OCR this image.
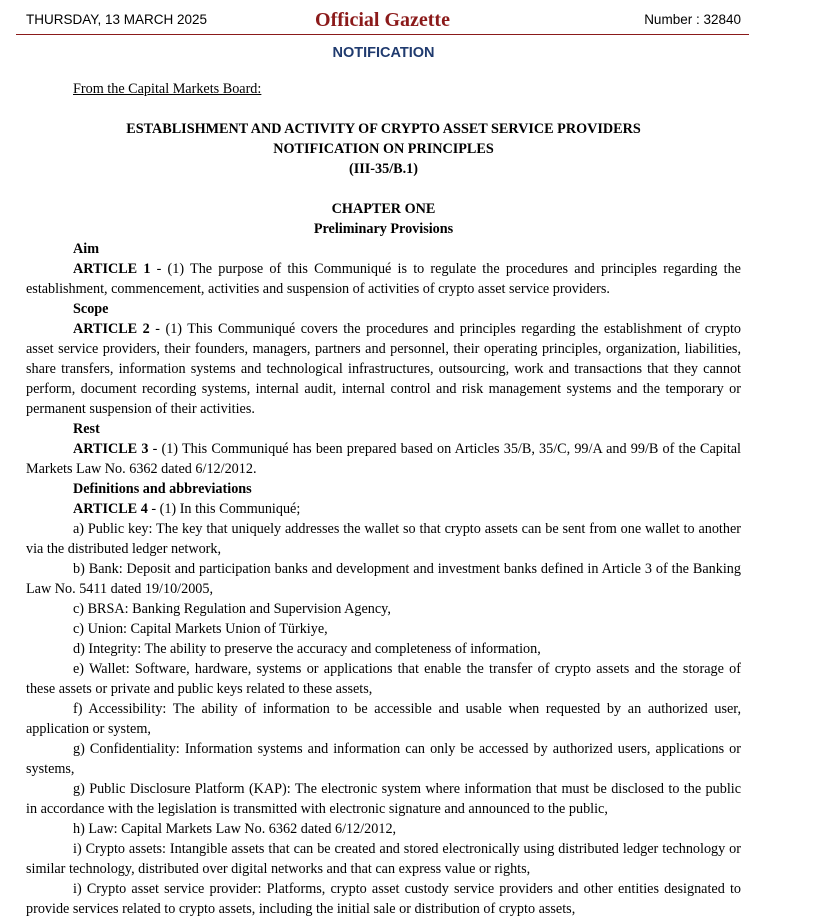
THURSDAY, 13 MARCH 2025	Official Gazette	Number : 32840
NOTIFICATION

From the Capital Markets Board:

ESTABLISHMENT AND ACTIVITY OF CRYPTO ASSET SERVICE PROVIDERS

NOTIFICATION ON PRINCIPLES

(III-35/B.1)

CHAPTER ONE

Preliminary Provisions

Aim

ARTICLE 1 - (1) The purpose of this Communiqué is to regulate the procedures and principles regarding the establishment, commencement, activities and suspension of activities of crypto asset service providers.

Scope

ARTICLE 2 - (1) This Communiqué covers the procedures and principles regarding the establishment of crypto asset service providers, their founders, managers, partners and personnel, their operating principles, organization, liabilities, share transfers, information systems and technological infrastructures, outsourcing, work and transactions that they cannot perform, document recording systems, internal audit, internal control and risk management systems and the temporary or permanent suspension of their activities.

Rest

ARTICLE 3 - (1) This Communiqué has been prepared based on Articles 35/B, 35/C, 99/A and 99/B of the Capital Markets Law No. 6362 dated 6/12/2012.

Definitions and abbreviations

ARTICLE 4 - (1) In this Communiqué;

a) Public key: The key that uniquely addresses the wallet so that crypto assets can be sent from one wallet to another via the distributed ledger network,

b) Bank: Deposit and participation banks and development and investment banks defined in Article 3 of the Banking Law No. 5411 dated 19/10/2005,

c) BRSA: Banking Regulation and Supervision Agency,

c) Union: Capital Markets Union of Türkiye,

d) Integrity: The ability to preserve the accuracy and completeness of information,

e) Wallet: Software, hardware, systems or applications that enable the transfer of crypto assets and the storage of these assets or private and public keys related to these assets,

f) Accessibility: The ability of information to be accessible and usable when requested by an authorized user, application or system,

g) Confidentiality: Information systems and information can only be accessed by authorized users, applications or systems,

g) Public Disclosure Platform (KAP): The electronic system where information that must be disclosed to the public in accordance with the legislation is transmitted with electronic signature and announced to the public,

h) Law: Capital Markets Law No. 6362 dated 6/12/2012,

i) Crypto assets: Intangible assets that can be created and stored electronically using distributed ledger technology or similar technology, distributed over digital networks and that can express value or rights,

i) Crypto asset service provider: Platforms, crypto asset custody service providers and other entities designated to provide services related to crypto assets, including the initial sale or distribution of crypto assets,
